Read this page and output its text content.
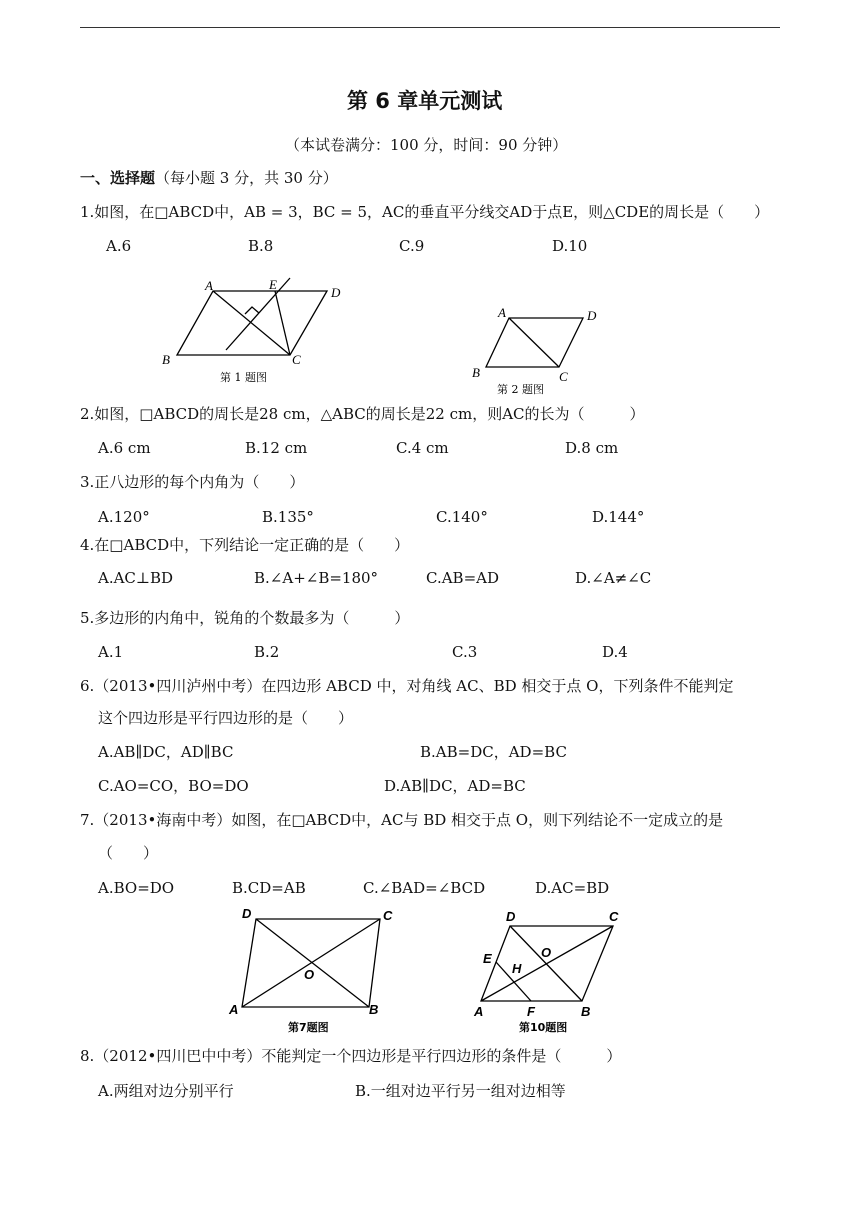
第 6 章单元测试
（本试卷满分：100 分，时间：90 分钟）
一、选择题（每小题 3 分，共 30 分）
1.如图，在□ABCD中，AB = 3，BC = 5，AC的垂直平分线交AD于点E，则△CDE的周长是（　　）
A.6	B.8	C.9	D.10
A	E
D
B	C
第 1 题图
A	D
B	C
第 2 题图
D	C
O
A	B
第7题图
D	C
O
E
H
A	F	B
第10题图
2.如图，□ABCD的周长是28 cm，△ABC的周长是22 cm，则AC的长为（　　　）
A.6 cm	B.12 cm	C.4 cm	D.8 cm
3.正八边形的每个内角为（　　）
A.120°	B.135°	C.140°	D.144°
4.在□ABCD中，下列结论一定正确的是（　　）
A.AC⊥BD	B.∠A+∠B=180°	C.AB=AD	D.∠A≠∠C
5.多边形的内角中，锐角的个数最多为（　　　）
A.1	B.2	C.3	D.4
6.（2013•四川泸州中考）在四边形 ABCD 中，对角线 AC、BD 相交于点 O，下列条件不能判定
这个四边形是平行四边形的是（　　）
A.AB∥DC，AD∥BC	B.AB=DC，AD=BC
C.AO=CO，BO=DO	D.AB∥DC，AD=BC
7.（2013•海南中考）如图，在□ABCD中，AC与 BD 相交于点 O，则下列结论不一定成立的是
（　　）
A.BO=DO	B.CD=AB	C.∠BAD=∠BCD	D.AC=BD
8.（2012•四川巴中中考）不能判定一个四边形是平行四边形的条件是（　　　）
A.两组对边分别平行	B.一组对边平行另一组对边相等
